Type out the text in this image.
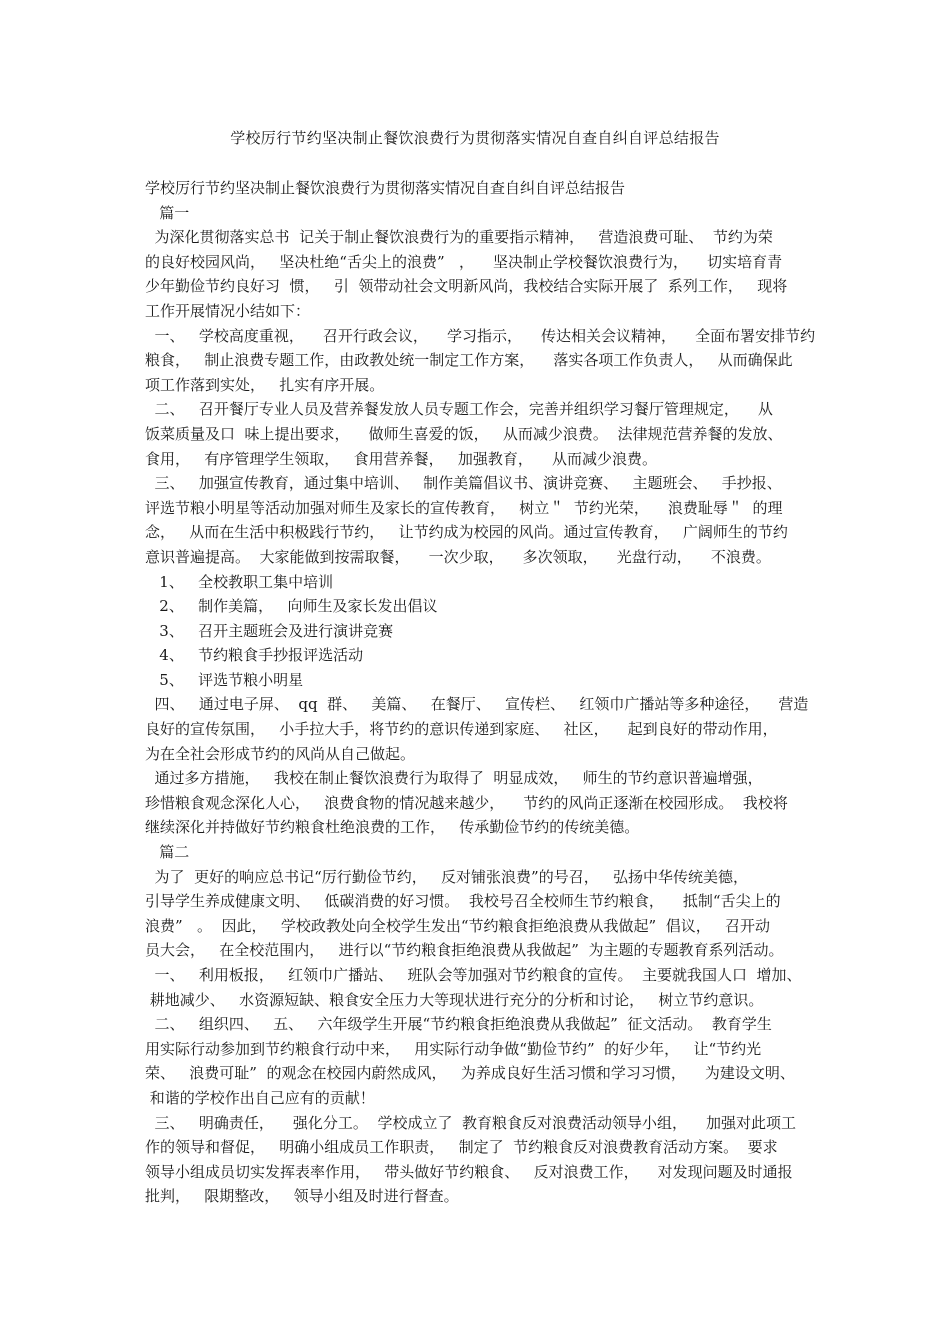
学校厉行节约坚决制止餐饮浪费行为贯彻落实情况自查自纠自评总结报告
学校厉行节约坚决制止餐饮浪费行为贯彻落实情况自查自纠自评总结报告
篇一
为深化贯彻落实总书  记关于制止餐饮浪费行为的重要指示精神，   营造浪费可耻、  节约为荣
的良好校园风尚，   坚决杜绝“舌尖上的浪费”   ，    坚决制止学校餐饮浪费行为，    切实培育青
少年勤俭节约良好习  惯，   引  领带动社会文明新风尚，我校结合实际开展了  系列工作，   现将
工作开展情况小结如下：
一、   学校高度重视，    召开行政会议，    学习指示，    传达相关会议精神，    全面布署安排节约
粮食，   制止浪费专题工作，由政教处统一制定工作方案，    落实各项工作负责人，   从而确保此
项工作落到实处，   扎实有序开展。
二、   召开餐厅专业人员及营养餐发放人员专题工作会，完善并组织学习餐厅管理规定，    从
饭菜质量及口  味上提出要求，    做师生喜爱的饭，   从而减少浪费。  法律规范营养餐的发放、
食用，   有序管理学生领取，   食用营养餐，   加强教育，    从而减少浪费。
三、   加强宣传教育，通过集中培训、   制作美篇倡议书、演讲竞赛、   主题班会、   手抄报、
评选节粮小明星等活动加强对师生及家长的宣传教育，   树立＂  节约光荣，    浪费耻辱＂  的理
念，   从而在生活中积极践行节约，   让节约成为校园的风尚。通过宣传教育，   广阔师生的节约
意识普遍提高。  大家能做到按需取餐，    一次少取，    多次领取，    光盘行动，    不浪费。
1、   全校教职工集中培训
2、   制作美篇，   向师生及家长发出倡议
3、   召开主题班会及进行演讲竞赛
4、   节约粮食手抄报评选活动
5、   评选节粮小明星
四、   通过电子屏、  qq  群、   美篇、   在餐厅、   宣传栏、   红领巾广播站等多种途径，    营造
良好的宣传氛围，   小手拉大手，将节约的意识传递到家庭、   社区，    起到良好的带动作用，
为在全社会形成节约的风尚从自己做起。
通过多方措施，   我校在制止餐饮浪费行为取得了  明显成效，   师生的节约意识普遍增强，
珍惜粮食观念深化人心，   浪费食物的情况越来越少，    节约的风尚正逐渐在校园形成。  我校将
继续深化并持做好节约粮食杜绝浪费的工作，   传承勤俭节约的传统美德。
篇二
为了  更好的响应总书记“厉行勤俭节约，   反对铺张浪费”的号召，   弘扬中华传统美德，
引导学生养成健康文明、   低碳消费的好习惯。  我校号召全校师生节约粮食，    抵制“舌尖上的
浪费”   。  因此，   学校政教处向全校学生发出“节约粮食拒绝浪费从我做起”  倡议，   召开动
员大会，   在全校范围内，   进行以“节约粮食拒绝浪费从我做起”  为主题的专题教育系列活动。
一、   利用板报，   红领巾广播站、   班队会等加强对节约粮食的宣传。  主要就我国人口  增加、
耕地减少、   水资源短缺、粮食安全压力大等现状进行充分的分析和讨论，   树立节约意识。
二、   组织四、   五、   六年级学生开展“节约粮食拒绝浪费从我做起”  征文活动。  教育学生
用实际行动参加到节约粮食行动中来，   用实际行动争做“勤俭节约”  的好少年，   让“节约光
荣、   浪费可耻”  的观念在校园内蔚然成风，   为养成良好生活习惯和学习习惯，    为建设文明、
和谐的学校作出自己应有的贡献！
三、   明确责任，    强化分工。  学校成立了  教育粮食反对浪费活动领导小组，    加强对此项工
作的领导和督促，   明确小组成员工作职责，   制定了  节约粮食反对浪费教育活动方案。  要求
领导小组成员切实发挥表率作用，   带头做好节约粮食、   反对浪费工作，    对发现问题及时通报
批判，   限期整改，   领导小组及时进行督查。
